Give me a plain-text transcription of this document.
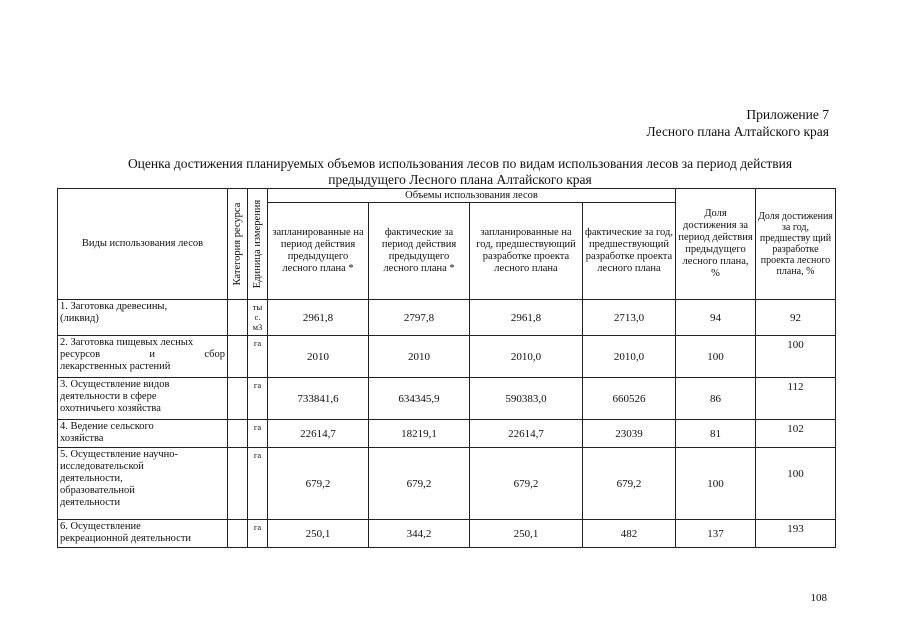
Приложение 7
Лесного плана Алтайского края
Оценка достижения планируемых объемов использования лесов по видам использования лесов за период действия
предыдущего Лесного плана Алтайского края
Виды использования лесов	Категория ресурса	Единица измерения	Объемы использования лесов				Доля достижения за период действия предыдущего лесного плана, %	Доля достижения за год, предшеству щий разработке проекта лесного плана, %
			запланированные на период действия предыдущего лесного плана *	фактические за период действия предыдущего лесного плана *	запланированные на год, предшествующий разработке проекта лесного плана	фактические за год, предшествующий разработке проекта лесного плана		

1. Заготовка древесины,
(ликвид)		ты с. м3	2961,8	2797,8	2961,8	2713,0	94	92

2. Заготовка пищевых лесных
ресурсов и сбор
лекарственных растений		га	2010	2010	2010,0	2010,0	100	100

3. Осуществление видов
деятельности в сфере
охотничьего хозяйства		га	733841,6	634345,9	590383,0	660526	86	112

4. Ведение сельского
хозяйства		га	22614,7	18219,1	22614,7	23039	81	102

5. Осуществление научно-
исследовательской
деятельности,
образовательной
деятельности		га	679,2	679,2	679,2	679,2	100	100

6. Осуществление
рекреационной деятельности		га	250,1	344,2	250,1	482	137	193
108
